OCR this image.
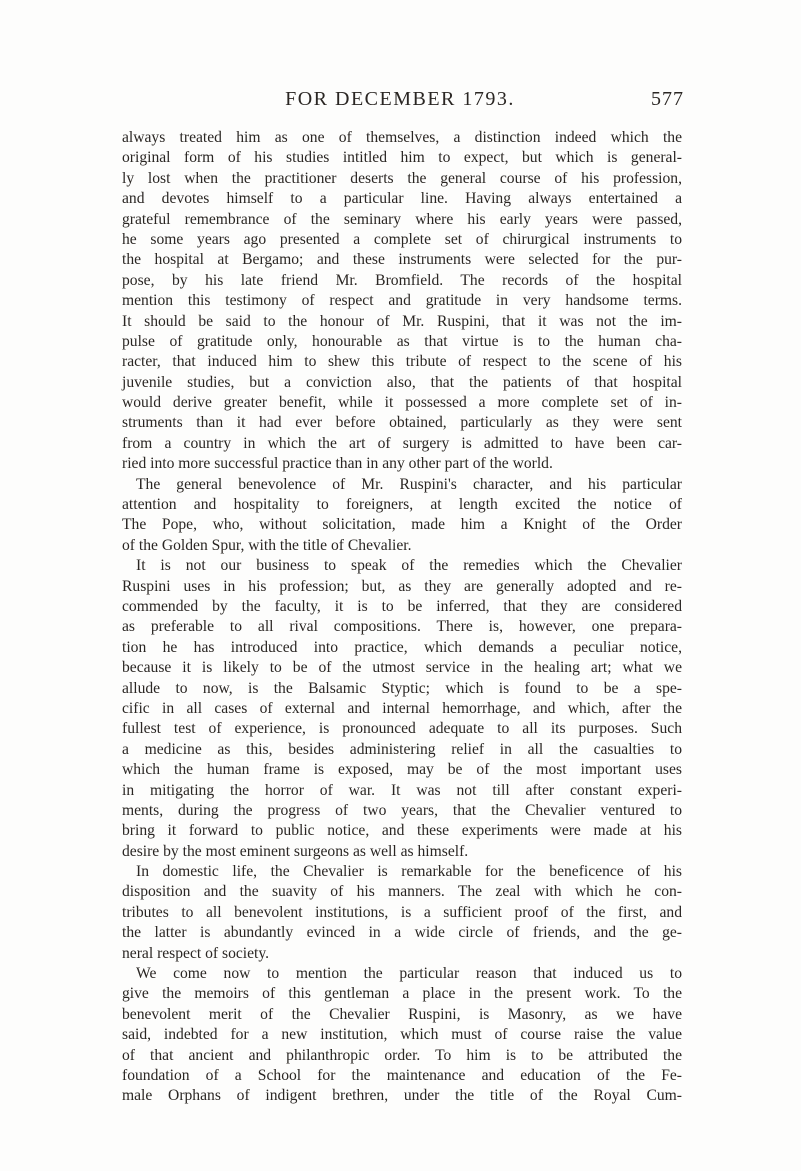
FOR DECEMBER 1793.	577
always treated him as one of themselves, a distinction indeed which the
original form of his studies intitled him to expect, but which is general-
ly lost when the practitioner deserts the general course of his profession,
and devotes himself to a particular line. Having always entertained a
grateful remembrance of the seminary where his early years were passed,
he some years ago presented a complete set of chirurgical instruments to
the hospital at Bergamo; and these instruments were selected for the pur-
pose, by his late friend Mr. Bromfield. The records of the hospital
mention this testimony of respect and gratitude in very handsome terms.
It should be said to the honour of Mr. Ruspini, that it was not the im-
pulse of gratitude only, honourable as that virtue is to the human cha-
racter, that induced him to shew this tribute of respect to the scene of his
juvenile studies, but a conviction also, that the patients of that hospital
would derive greater benefit, while it possessed a more complete set of in-
struments than it had ever before obtained, particularly as they were sent
from a country in which the art of surgery is admitted to have been car-
ried into more successful practice than in any other part of the world.
The general benevolence of Mr. Ruspini's character, and his particular
attention and hospitality to foreigners, at length excited the notice of
The Pope, who, without solicitation, made him a Knight of the Order
of the Golden Spur, with the title of Chevalier.
It is not our business to speak of the remedies which the Chevalier
Ruspini uses in his profession; but, as they are generally adopted and re-
commended by the faculty, it is to be inferred, that they are considered
as preferable to all rival compositions. There is, however, one prepara-
tion he has introduced into practice, which demands a peculiar notice,
because it is likely to be of the utmost service in the healing art; what we
allude to now, is the Balsamic Styptic; which is found to be a spe-
cific in all cases of external and internal hemorrhage, and which, after the
fullest test of experience, is pronounced adequate to all its purposes. Such
a medicine as this, besides administering relief in all the casualties to
which the human frame is exposed, may be of the most important uses
in mitigating the horror of war. It was not till after constant experi-
ments, during the progress of two years, that the Chevalier ventured to
bring it forward to public notice, and these experiments were made at his
desire by the most eminent surgeons as well as himself.
In domestic life, the Chevalier is remarkable for the beneficence of his
disposition and the suavity of his manners. The zeal with which he con-
tributes to all benevolent institutions, is a sufficient proof of the first, and
the latter is abundantly evinced in a wide circle of friends, and the ge-
neral respect of society.
We come now to mention the particular reason that induced us to
give the memoirs of this gentleman a place in the present work. To the
benevolent merit of the Chevalier Ruspini, is Masonry, as we have
said, indebted for a new institution, which must of course raise the value
of that ancient and philanthropic order. To him is to be attributed the
foundation of a School for the maintenance and education of the Fe-
male Orphans of indigent brethren, under the title of the Royal Cum-
